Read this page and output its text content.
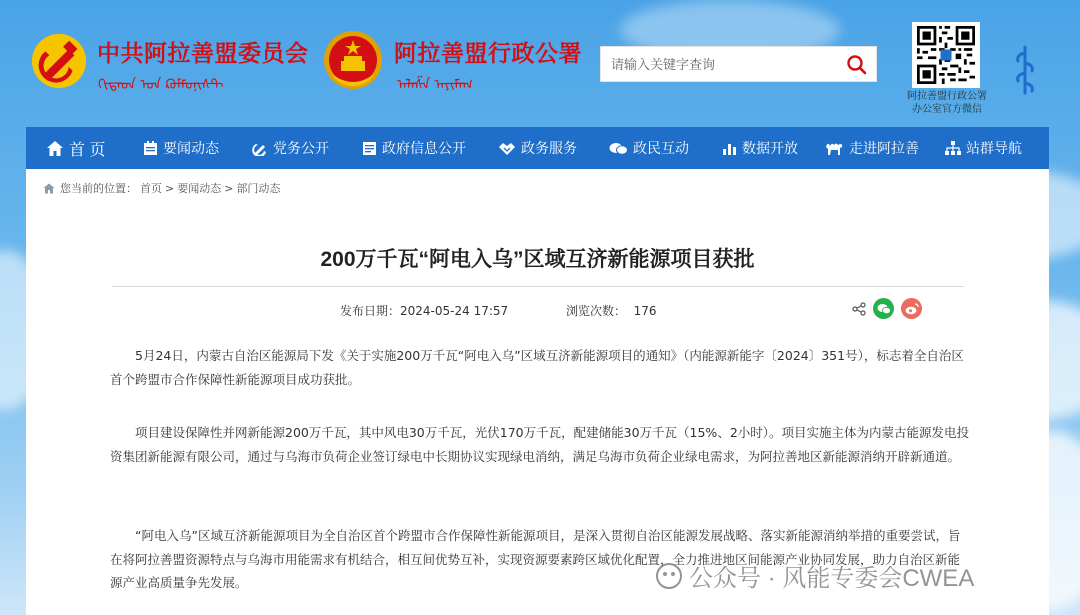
中共阿拉善盟委员会
ᠬᠢᠲᠠᠳ ᠤᠨ ᠺᠣᠮᠮᠤᠨᠢᠰᠲ
阿拉善盟行政公署
ᠠᠯᠠᠱᠠ ᠠᠶᠢᠮᠠᠭ
请输入关键字查询
阿拉善盟行政公署
办公室官方微信
首 页	要闻动态	党务公开	政府信息公开	政务服务	政民互动	数据开放	走进阿拉善	站群导航
您当前的位置： 首页 > 要闻动态 > 部门动态
200万千瓦“阿电入乌”区域互济新能源项目获批
发布日期：2024-05-24 17:57	浏览次数： 176

5月24日，内蒙古自治区能源局下发《关于实施200万千瓦“阿电入乌”区域互济新能源项目的通知》（内能源新能字〔2024〕351号），标志着全自治区首个跨盟市合作保障性新能源项目成功获批。

项目建设保障性并网新能源200万千瓦，其中风电30万千瓦，光伏170万千瓦，配建储能30万千瓦（15%、2小时）。项目实施主体为内蒙古能源发电投资集团新能源有限公司，通过与乌海市负荷企业签订绿电中长期协议实现绿电消纳，满足乌海市负荷企业绿电需求，为阿拉善地区新能源消纳开辟新通道。

“阿电入乌”区域互济新能源项目为全自治区首个跨盟市合作保障性新能源项目，是深入贯彻自治区能源发展战略、落实新能源消纳举措的重要尝试，旨在将阿拉善盟资源特点与乌海市用能需求有机结合，相互间优势互补，实现资源要素跨区域优化配置，全力推进地区间能源产业协同发展，助力自治区新能源产业高质量争先发展。	公众号 · 风能专委会CWEA
